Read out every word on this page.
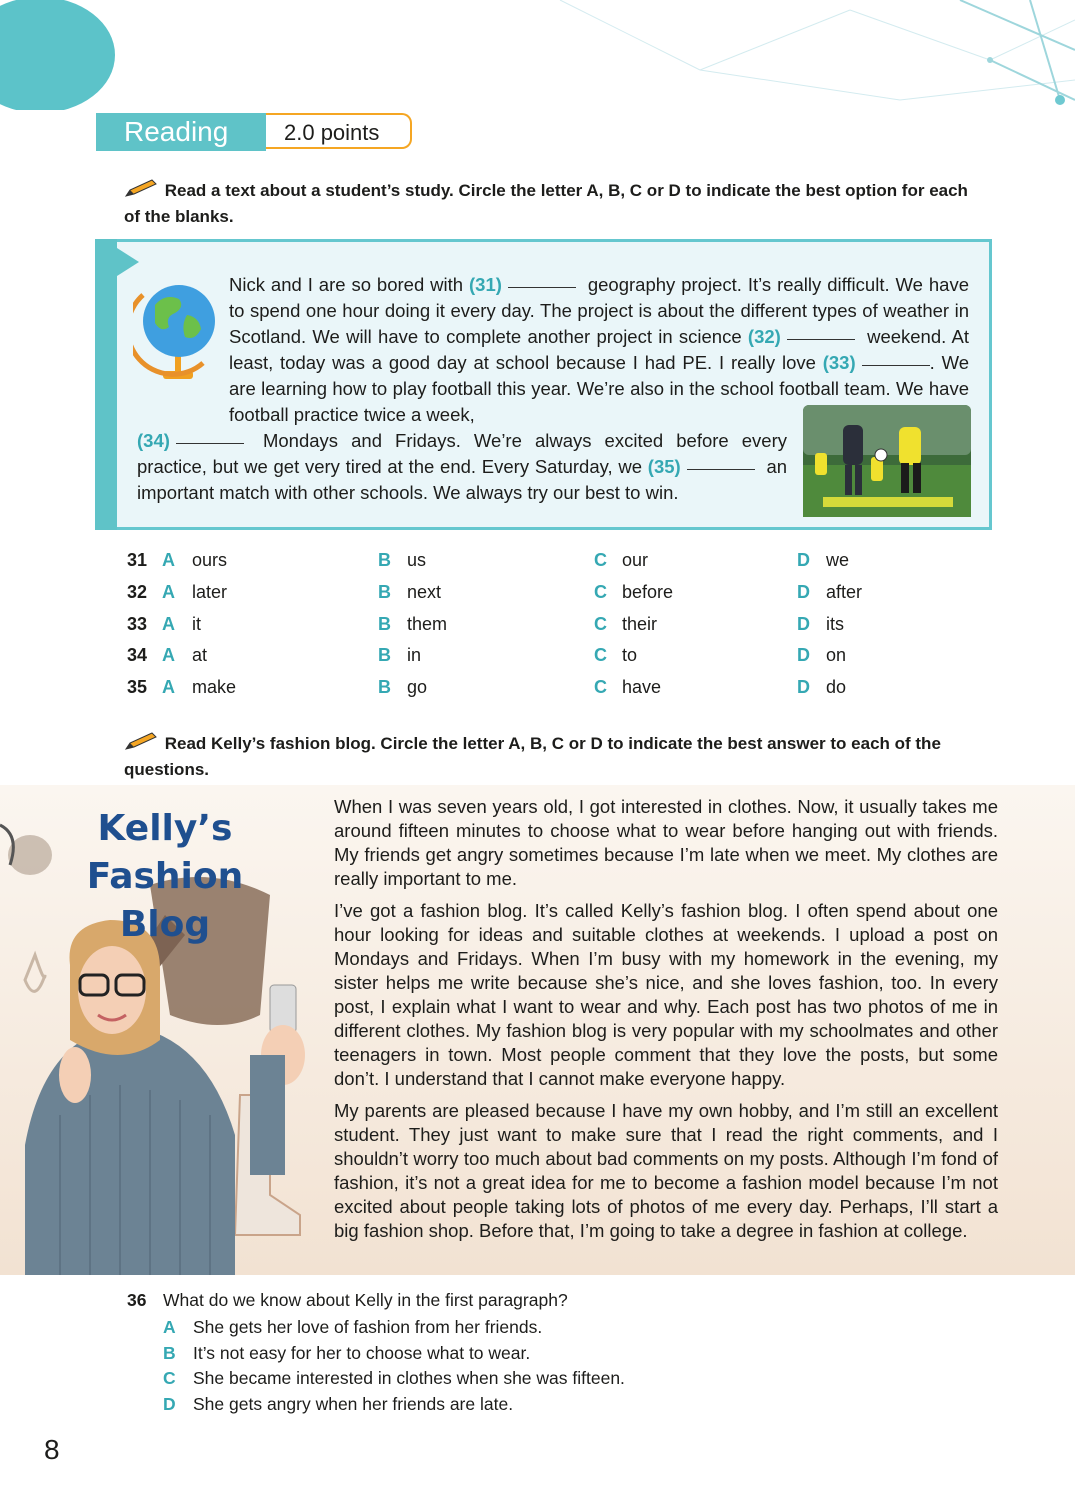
Reading	2.0 points
Read a text about a student’s study. Circle the letter A, B, C or D to indicate the best option for each of the blanks.
Nick and I are so bored with (31)	geography project. It’s really difficult. We have to spend one hour doing it every day. The project is about the different types of weather in Scotland. We will have to complete another project in science (32)	weekend. At least, today was a good day at school because I had PE. I really love (33)	. We are learning how to play football this year. We’re also in the school football team. We have football practice twice a week,
(34)	Mondays and Fridays. We’re always excited before every practice, but we get very tired at the end. Every Saturday, we (35)	an important match with other schools. We always try our best to win.
31 A ours	B us	C our	D we
32 A later	B next	C before	D after
33 A it	B them	C their	D its
34 A at	B in	C to	D on
35 A make	B go	C have	D do
Read Kelly’s fashion blog. Circle the letter A, B, C or D to indicate the best answer to each of the questions.
Kelly’s
Fashion Blog
When I was seven years old, I got interested in clothes. Now, it usually takes me around fifteen minutes to choose what to wear before hanging out with friends. My friends get angry sometimes because I’m late when we meet. My clothes are really important to me.
I’ve got a fashion blog. It’s called Kelly’s fashion blog. I often spend about one hour looking for ideas and suitable clothes at weekends. I upload a post on Mondays and Fridays. When I’m busy with my homework in the evening, my sister helps me write because she’s nice, and she loves fashion, too. In every post, I explain what I want to wear and why. Each post has two photos of me in different clothes. My fashion blog is very popular with my schoolmates and other teenagers in town. Most people comment that they love the posts, but some don’t. I understand that I cannot make everyone happy.
My parents are pleased because I have my own hobby, and I’m still an excellent student. They just want to make sure that I read the right comments, and I shouldn’t worry too much about bad comments on my posts. Although I’m fond of fashion, it’s not a great idea for me to become a fashion model because I’m not excited about people taking lots of photos of me every day. Perhaps, I’ll start a big fashion shop. Before that, I’m going to take a degree in fashion at college.
36 What do we know about Kelly in the first paragraph?
A She gets her love of fashion from her friends.
B It’s not easy for her to choose what to wear.
C She became interested in clothes when she was fifteen.
D She gets angry when her friends are late.
8
